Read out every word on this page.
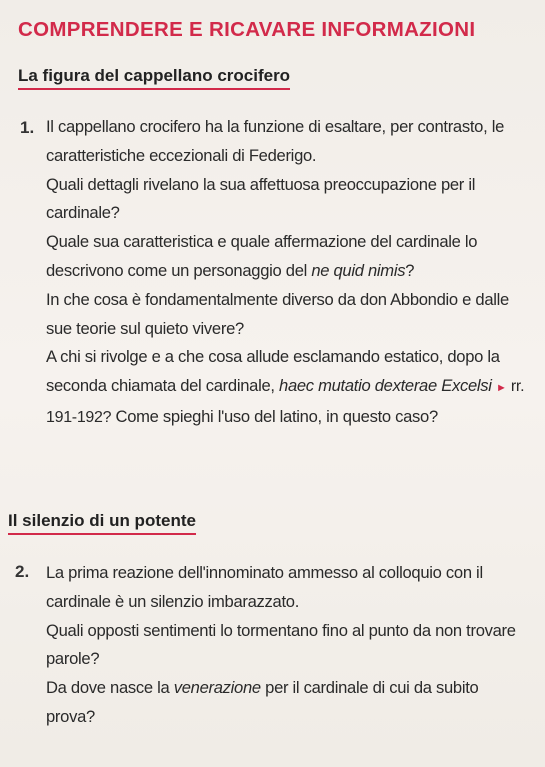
COMPRENDERE E RICAVARE INFORMAZIONI
La figura del cappellano crocifero
1. Il cappellano crocifero ha la funzione di esaltare, per contrasto, le caratteristiche eccezionali di Federigo.

Quali dettagli rivelano la sua affettuosa preoccupazione per il cardinale?

Quale sua caratteristica e quale affermazione del cardinale lo descrivono come un personaggio del ne quid nimis?

In che cosa è fondamentalmente diverso da don Abbondio e dalle sue teorie sul quieto vivere?

A chi si rivolge e a che cosa allude esclamando estatico, dopo la seconda chiamata del cardinale, haec mutatio dexterae Excelsi ► rr. 191-192? Come spieghi l'uso del latino, in questo caso?

Il silenzio di un potente
2. La prima reazione dell'innominato ammesso al colloquio con il cardinale è un silenzio imbarazzato.

Quali opposti sentimenti lo tormentano fino al punto da non trovare parole?

Da dove nasce la venerazione per il cardinale di cui da subito prova?
